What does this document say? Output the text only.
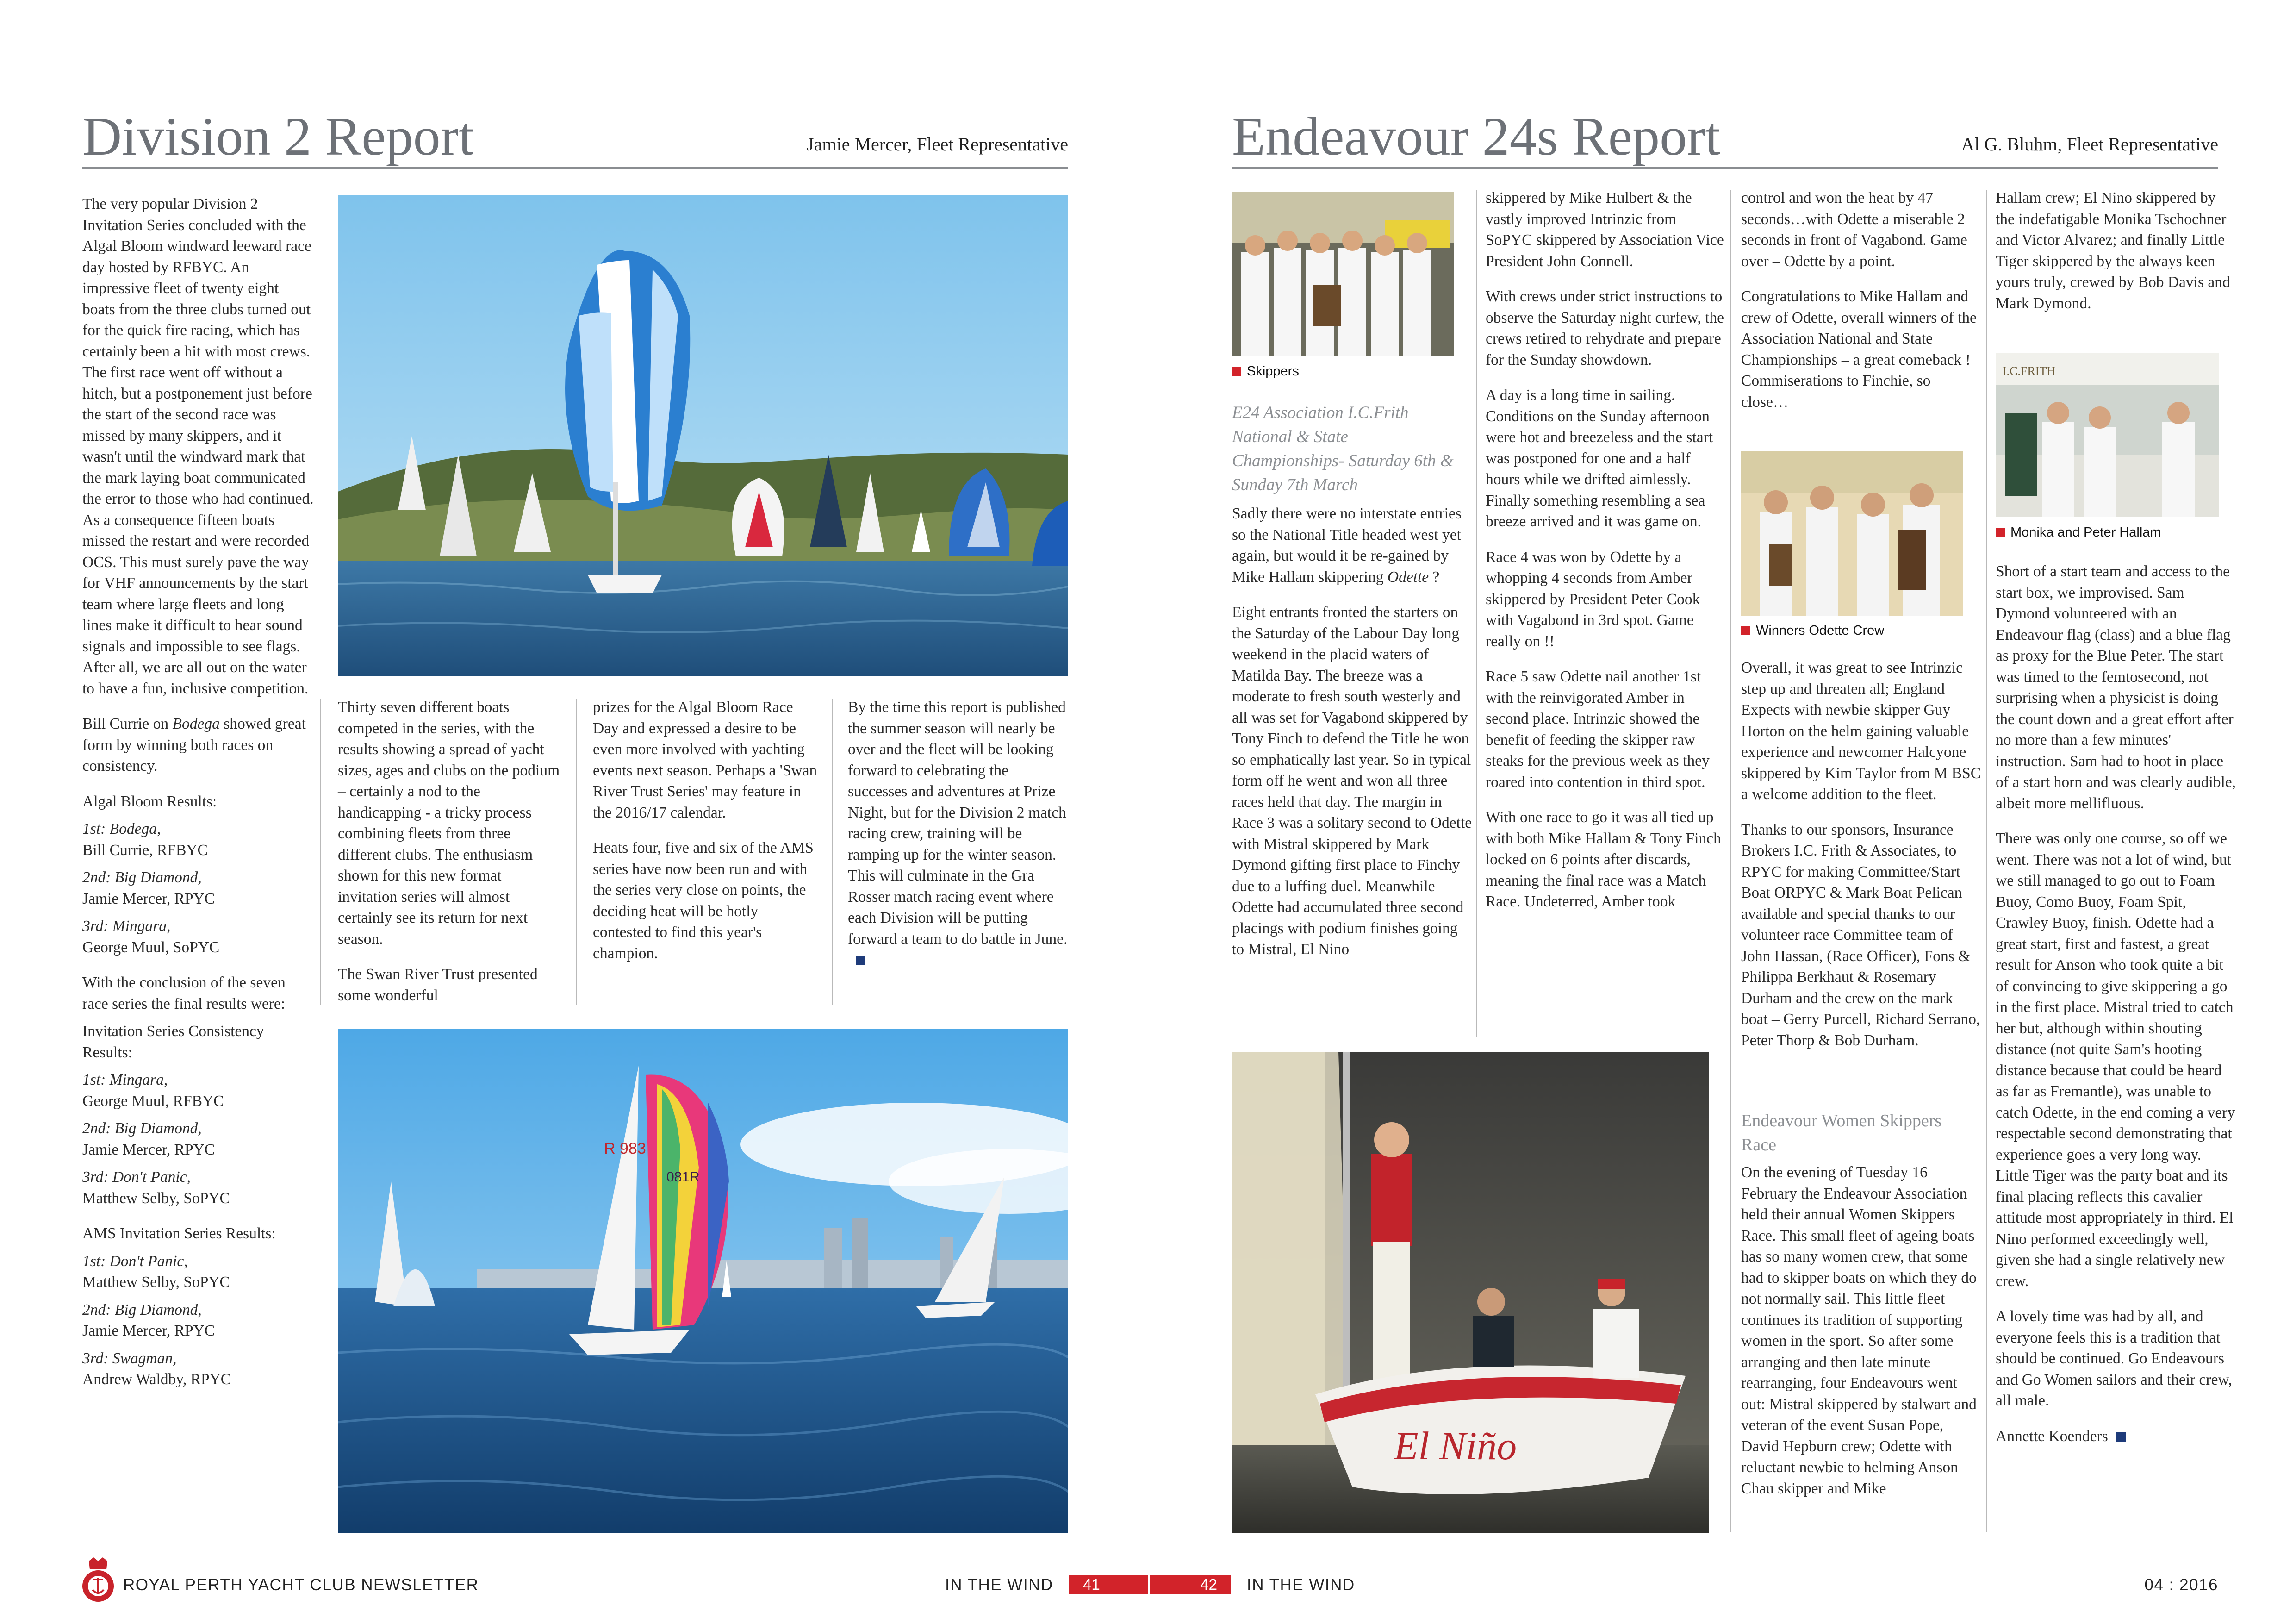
Division 2 Report	Jamie Mercer, Fleet Representative

The very popular Division 2 Invitation Series concluded with the Algal Bloom windward leeward race day hosted by RFBYC. An impressive fleet of twenty eight boats from the three clubs turned out for the quick fire racing, which has certainly been a hit with most crews. The first race went off without a hitch, but a postponement just before the start of the second race was missed by many skippers, and it wasn't until the windward mark that the mark laying boat communicated the error to those who had continued. As a consequence fifteen boats missed the restart and were recorded OCS. This must surely pave the way for VHF announcements by the start team where large fleets and long lines make it difficult to hear sound signals and impossible to see flags. After all, we are all out on the water to have a fun, inclusive competition.

Bill Currie on Bodega showed great form by winning both races on consistency.

Algal Bloom Results:

1st: Bodega,
Bill Currie, RFBYC

2nd: Big Diamond,
Jamie Mercer, RPYC

3rd: Mingara,
George Muul, SoPYC

With the conclusion of the seven race series the final results were:

Invitation Series Consistency Results:

1st: Mingara,
George Muul, RFBYC

2nd: Big Diamond,
Jamie Mercer, RPYC

3rd: Don't Panic,
Matthew Selby, SoPYC

AMS Invitation Series Results:

1st: Don't Panic,
Matthew Selby, SoPYC

2nd: Big Diamond,
Jamie Mercer, RPYC

3rd: Swagman,
Andrew Waldby, RPYC

Thirty seven different boats competed in the series, with the results showing a spread of yacht sizes, ages and clubs on the podium – certainly a nod to the handicapping - a tricky process combining fleets from three different clubs. The enthusiasm shown for this new format invitation series will almost certainly see its return for next season.

The Swan River Trust presented some wonderful

prizes for the Algal Bloom Race Day and expressed a desire to be even more involved with yachting events next season. Perhaps a 'Swan River Trust Series' may feature in the 2016/17 calendar.

Heats four, five and six of the AMS series have now been run and with the series very close on points, the deciding heat will be hotly contested to find this year's champion.

By the time this report is published the summer season will nearly be over and the fleet will be looking forward to celebrating the successes and adventures at Prize Night, but for the Division 2 match racing crew, training will be ramping up for the winter season. This will culminate in the Gra Rosser match racing event where each Division will be putting forward a team to do battle in June.

R 983
081R
Endeavour 24s Report	Al G. Bluhm, Fleet Representative
Skippers
E24 Association I.C.Frith National & State Championships- Saturday 6th & Sunday 7th March

Sadly there were no interstate entries so the National Title headed west yet again, but would it be re-gained by Mike Hallam skippering Odette ?

Eight entrants fronted the starters on the Saturday of the Labour Day long weekend in the placid waters of Matilda Bay. The breeze was a moderate to fresh south westerly and all was set for Vagabond skippered by Tony Finch to defend the Title he won so emphatically last year. So in typical form off he went and won all three races held that day. The margin in Race 3 was a solitary second to Odette with Mistral skippered by Mark Dymond gifting first place to Finchy due to a luffing duel. Meanwhile Odette had accumulated three second placings with podium finishes going to Mistral, El Nino

skippered by Mike Hulbert & the vastly improved Intrinzic from SoPYC skippered by Association Vice President John Connell.

With crews under strict instructions to observe the Saturday night curfew, the crews retired to rehydrate and prepare for the Sunday showdown.

A day is a long time in sailing. Conditions on the Sunday afternoon were hot and breezeless and the start was postponed for one and a half hours while we drifted aimlessly. Finally something resembling a sea breeze arrived and it was game on.

Race 4 was won by Odette by a whopping 4 seconds from Amber skippered by President Peter Cook with Vagabond in 3rd spot. Game really on !!

Race 5 saw Odette nail another 1st with the reinvigorated Amber in second place. Intrinzic showed the benefit of feeding the skipper raw steaks for the previous week as they roared into contention in third spot.

With one race to go it was all tied up with both Mike Hallam & Tony Finch locked on 6 points after discards, meaning the final race was a Match Race. Undeterred, Amber took

El Niño

control and won the heat by 47 seconds…with Odette a miserable 2 seconds in front of Vagabond. Game over – Odette by a point.

Congratulations to Mike Hallam and crew of Odette, overall winners of the Association National and State Championships – a great comeback ! Commiserations to Finchie, so close…

Winners Odette Crew

Overall, it was great to see Intrinzic step up and threaten all; England Expects with newbie skipper Guy Horton on the helm gaining valuable experience and newcomer Halcyone skippered by Kim Taylor from M BSC a welcome addition to the fleet.

Thanks to our sponsors, Insurance Brokers I.C. Frith & Associates, to RPYC for making Committee/Start Boat ORPYC & Mark Boat Pelican available and special thanks to our volunteer race Committee team of John Hassan, (Race Officer), Fons & Philippa Berkhaut & Rosemary Durham and the crew on the mark boat – Gerry Purcell, Richard Serrano, Peter Thorp & Bob Durham.

Endeavour Women Skippers Race

On the evening of Tuesday 16 February the Endeavour Association held their annual Women Skippers Race. This small fleet of ageing boats has so many women crew, that some had to skipper boats on which they do not normally sail. This little fleet continues its tradition of supporting women in the sport. So after some arranging and then late minute rearranging, four Endeavours went out: Mistral skippered by stalwart and veteran of the event Susan Pope, David Hepburn crew; Odette with reluctant newbie to helming Anson Chau skipper and Mike

Hallam crew; El Nino skippered by the indefatigable Monika Tschochner and Victor Alvarez; and finally Little Tiger skippered by the always keen yours truly, crewed by Bob Davis and Mark Dymond.

I.C.FRITH
Monika and Peter Hallam

Short of a start team and access to the start box, we improvised. Sam Dymond volunteered with an Endeavour flag (class) and a blue flag as proxy for the Blue Peter. The start was timed to the femtosecond, not surprising when a physicist is doing the count down and a great effort after no more than a few minutes' instruction. Sam had to hoot in place of a start horn and was clearly audible, albeit more mellifluous.

There was only one course, so off we went. There was not a lot of wind, but we still managed to go out to Foam Buoy, Como Buoy, Foam Spit, Crawley Buoy, finish. Odette had a great start, first and fastest, a great result for Anson who took quite a bit of convincing to give skippering a go in the first place. Mistral tried to catch her but, although within shouting distance (not quite Sam's hooting distance because that could be heard as far as Fremantle), was unable to catch Odette, in the end coming a very respectable second demonstrating that experience goes a very long way. Little Tiger was the party boat and its final placing reflects this cavalier attitude most appropriately in third. El Nino performed exceedingly well, given she had a single relatively new crew.

A lovely time was had by all, and everyone feels this is a tradition that should be continued. Go Endeavours and Go Women sailors and their crew, all male.

Annette Koenders

ROYAL PERTH YACHT CLUB NEWSLETTER	IN THE WIND	41	42	IN THE WIND	04 : 2016
